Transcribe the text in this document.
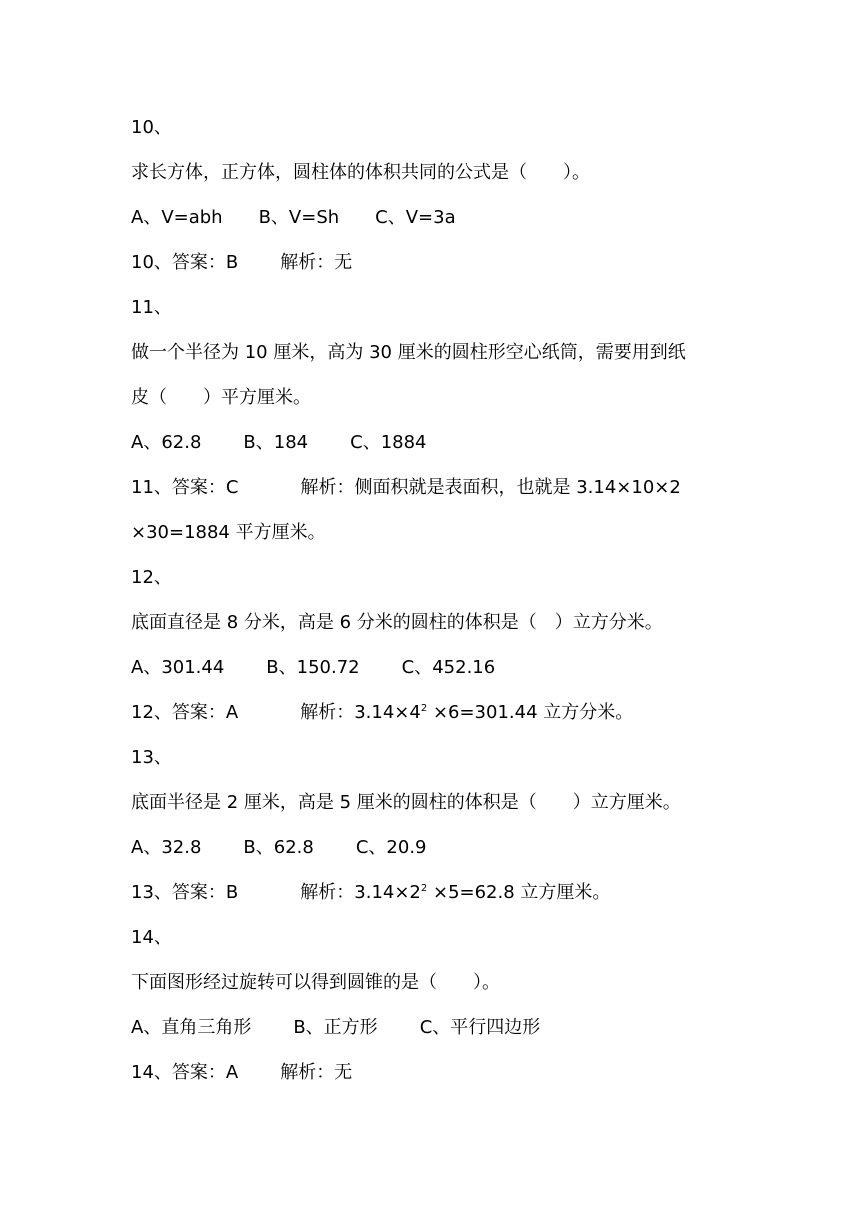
10、
求长方体，正方体，圆柱体的体积共同的公式是（　　）。
A、V=abh B、V=Sh C、V=3a
10、答案：B 解析：无
11、
做一个半径为 10 厘米，高为 30 厘米的圆柱形空心纸筒，需要用到纸
皮（　　）平方厘米。
A、62.8 B、184 C、1884
11、答案：C	解析：侧面积就是表面积，也就是 3.14×10×2
×30=1884 平方厘米。
12、
底面直径是 8 分米，高是 6 分米的圆柱的体积是（　）立方分米。
A、301.44 B、150.72 C、452.16
12、答案：A	解析：$3.14\times 4^2 \times 6=301.44$ 立方分米。
13、
底面半径是 2 厘米，高是 5 厘米的圆柱的体积是（　　）立方厘米。
A、32.8 B、62.8 C、20.9
13、答案：B	解析：$3.14\times 2^2 \times 5=62.8$ 立方厘米。
14、
下面图形经过旋转可以得到圆锥的是（　　）。
A、直角三角形 B、正方形 C、平行四边形
14、答案：A 解析：无
